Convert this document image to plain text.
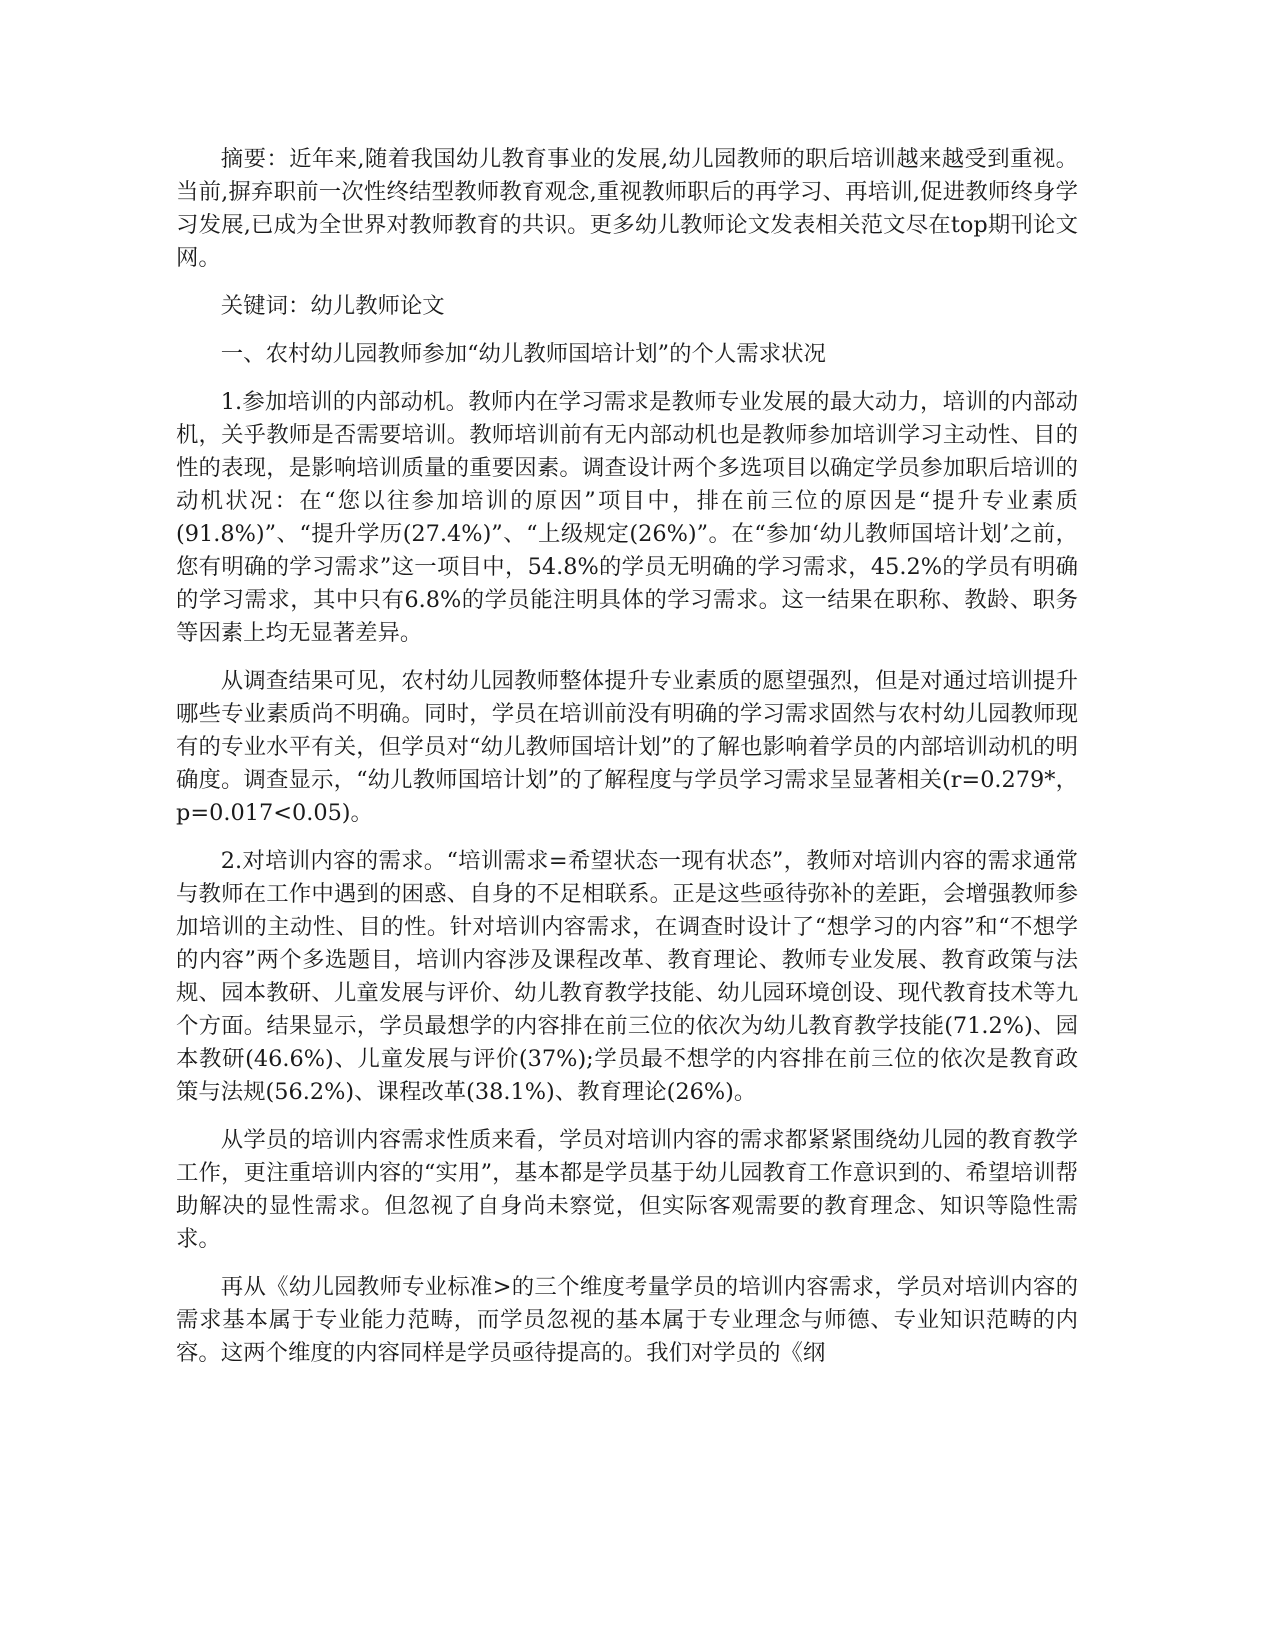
摘要：近年来,随着我国幼儿教育事业的发展,幼儿园教师的职后培训越来越受到重视。当前,摒弃职前一次性终结型教师教育观念,重视教师职后的再学习、再培训,促进教师终身学习发展,已成为全世界对教师教育的共识。更多幼儿教师论文发表相关范文尽在top期刊论文网。

关键词：幼儿教师论文

一、农村幼儿园教师参加“幼儿教师国培计划”的个人需求状况

1.参加培训的内部动机。教师内在学习需求是教师专业发展的最大动力，培训的内部动机，关乎教师是否需要培训。教师培训前有无内部动机也是教师参加培训学习主动性、目的性的表现，是影响培训质量的重要因素。调查设计两个多选项目以确定学员参加职后培训的动机状况：在“您以往参加培训的原因”项目中，排在前三位的原因是“提升专业素质(91.8%)”、“提升学历(27.4%)”、“上级规定(26%)”。在“参加‘幼儿教师国培计划’之前，您有明确的学习需求”这一项目中，54.8%的学员无明确的学习需求，45.2%的学员有明确的学习需求，其中只有6.8%的学员能注明具体的学习需求。这一结果在职称、教龄、职务等因素上均无显著差异。

从调查结果可见，农村幼儿园教师整体提升专业素质的愿望强烈，但是对通过培训提升哪些专业素质尚不明确。同时，学员在培训前没有明确的学习需求固然与农村幼儿园教师现有的专业水平有关，但学员对“幼儿教师国培计划”的了解也影响着学员的内部培训动机的明确度。调查显示，“幼儿教师国培计划”的了解程度与学员学习需求呈显著相关(r=0.279*，p=0.017<0.05)。

2.对培训内容的需求。“培训需求=希望状态一现有状态”，教师对培训内容的需求通常与教师在工作中遇到的困惑、自身的不足相联系。正是这些亟待弥补的差距，会增强教师参加培训的主动性、目的性。针对培训内容需求，在调查时设计了“想学习的内容”和“不想学的内容”两个多选题目，培训内容涉及课程改革、教育理论、教师专业发展、教育政策与法规、园本教研、儿童发展与评价、幼儿教育教学技能、幼儿园环境创设、现代教育技术等九个方面。结果显示，学员最想学的内容排在前三位的依次为幼儿教育教学技能(71.2%)、园本教研(46.6%)、儿童发展与评价(37%);学员最不想学的内容排在前三位的依次是教育政策与法规(56.2%)、课程改革(38.1%)、教育理论(26%)。

从学员的培训内容需求性质来看，学员对培训内容的需求都紧紧围绕幼儿园的教育教学工作，更注重培训内容的“实用”，基本都是学员基于幼儿园教育工作意识到的、希望培训帮助解决的显性需求。但忽视了自身尚未察觉，但实际客观需要的教育理念、知识等隐性需求。

再从《幼儿园教师专业标准>的三个维度考量学员的培训内容需求，学员对培训内容的需求基本属于专业能力范畴，而学员忽视的基本属于专业理念与师德、专业知识范畴的内容。这两个维度的内容同样是学员亟待提高的。我们对学员的《纲
